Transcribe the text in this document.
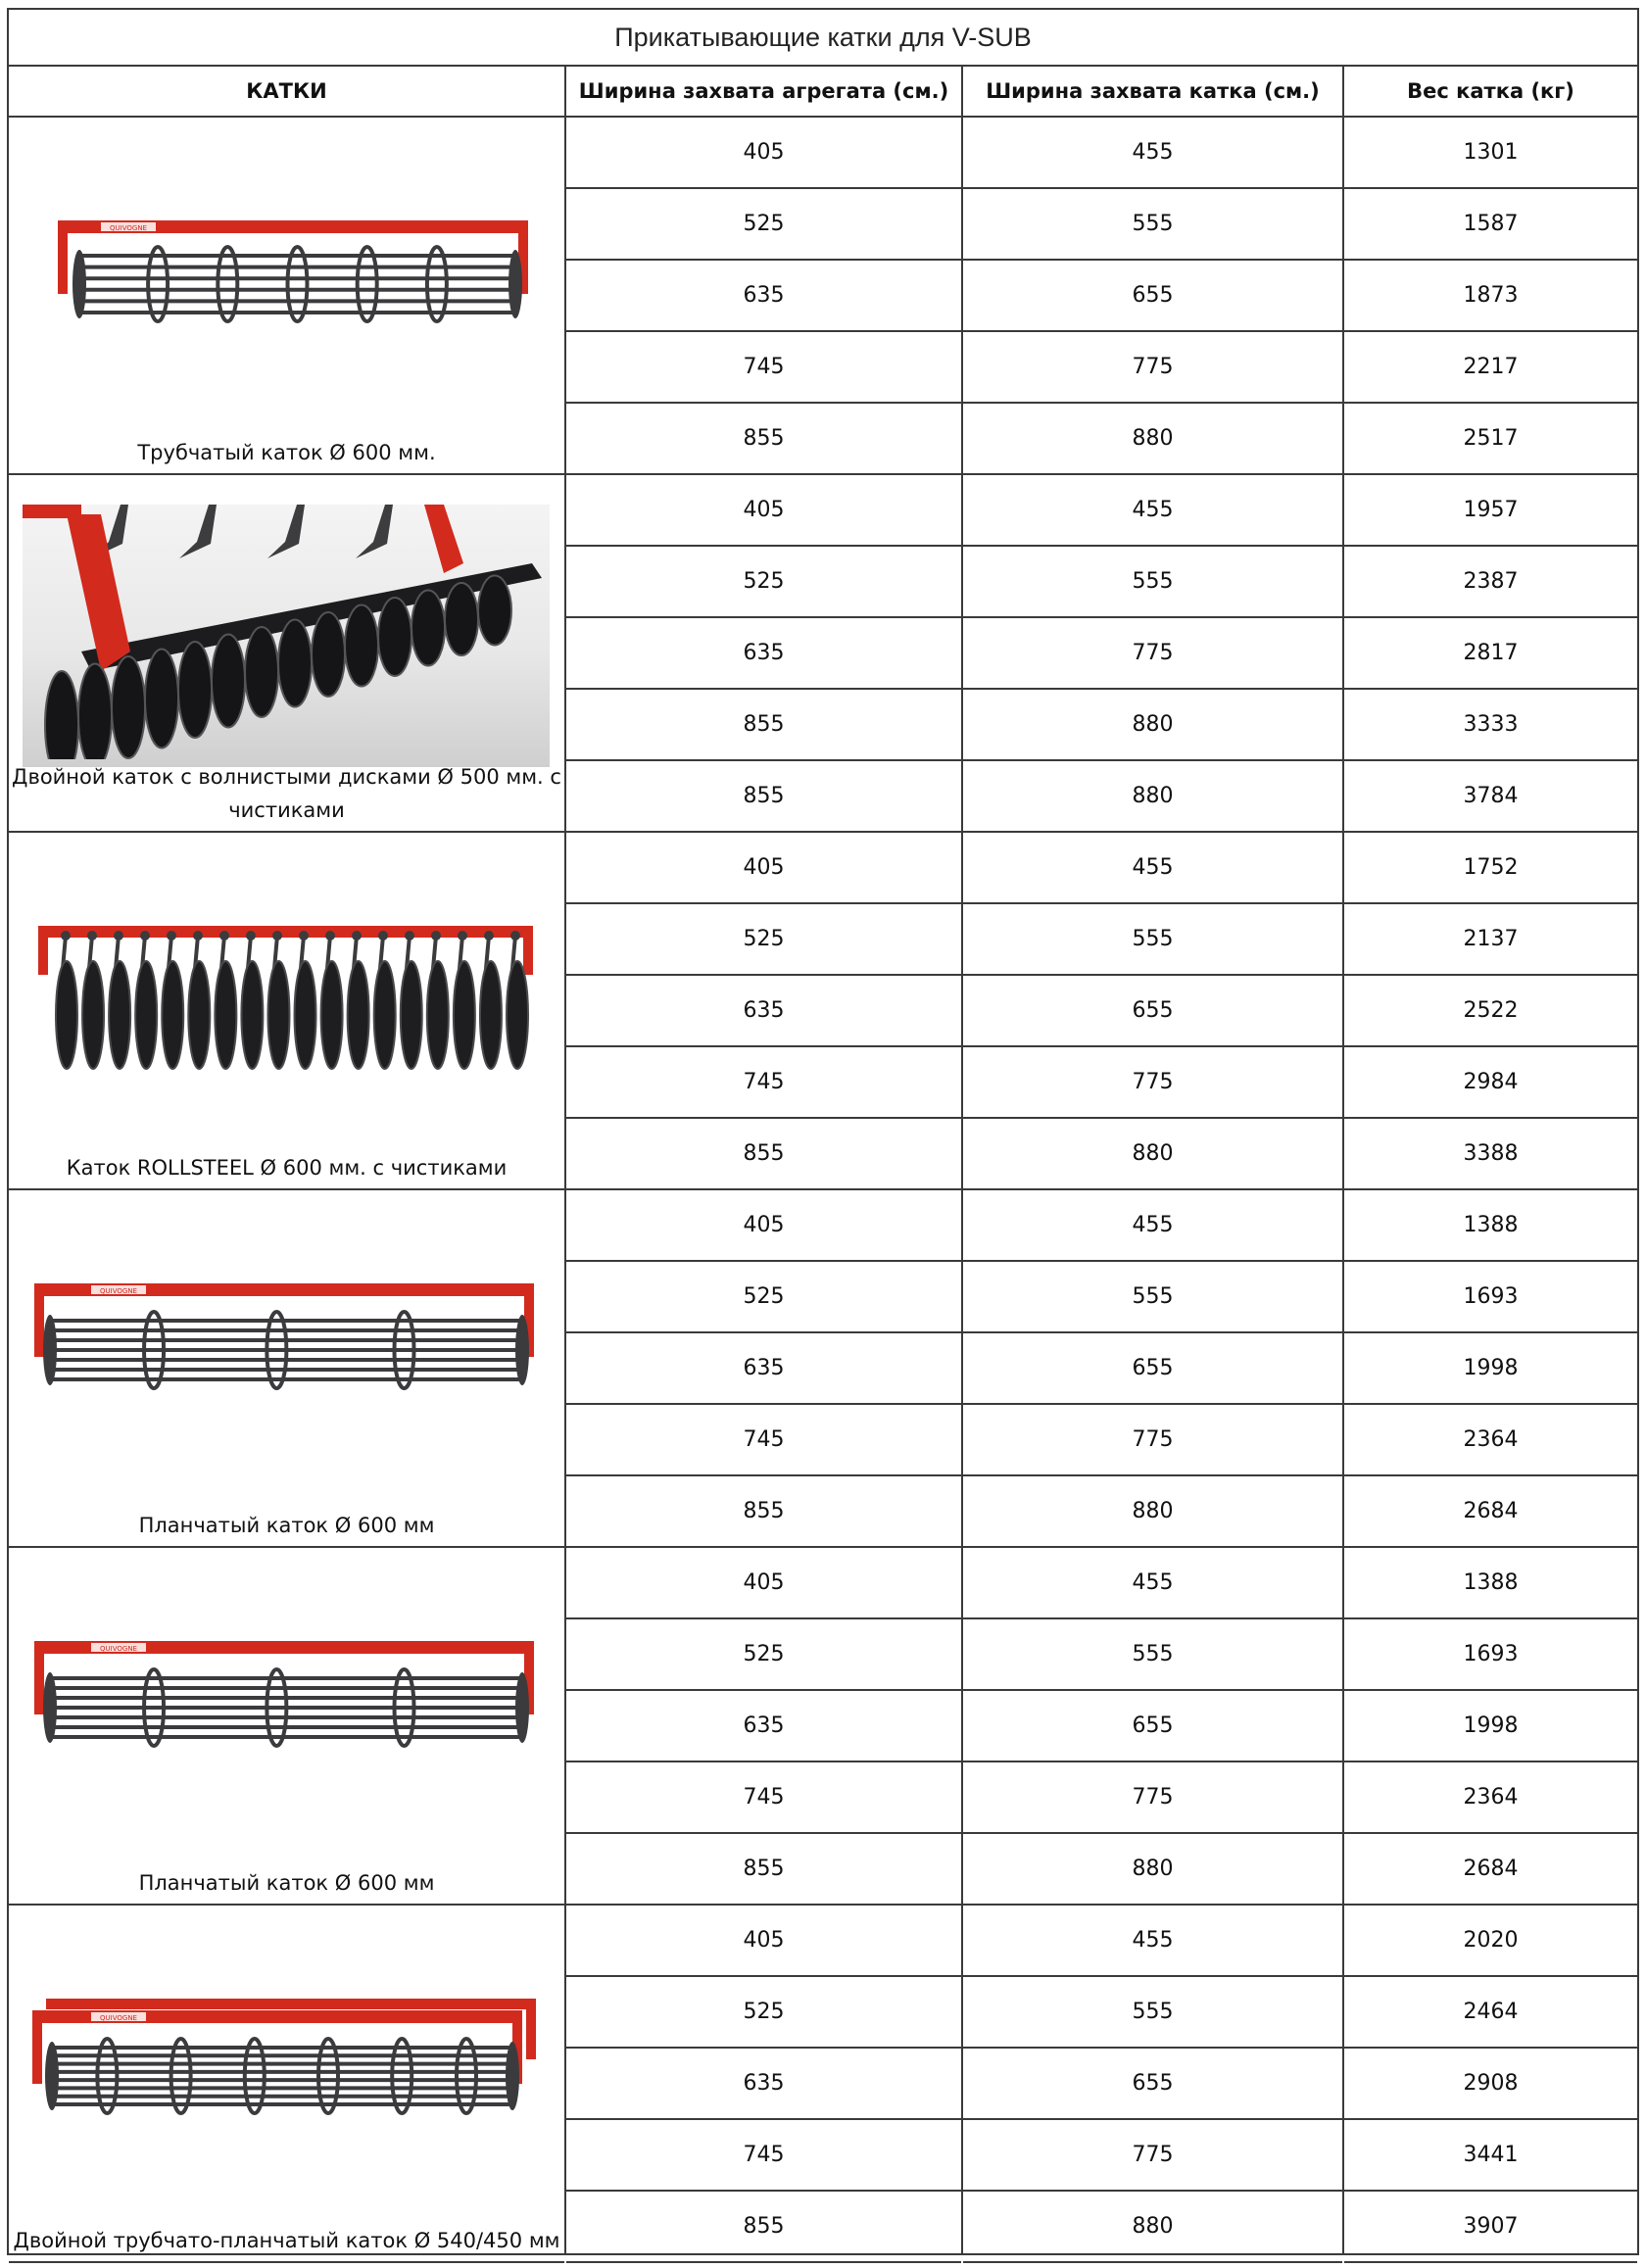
Прикатывающие катки для V-SUB
КАТКИ	Ширина захвата агрегата (см.)	Ширина захвата катка (см.)	Вес катка (кг)
QUIVOGNE
Трубчатый каток Ø 600 мм.
405	455	1301
525	555	1587
635	655	1873
745	775	2217
855	880	2517
Двойной каток с волнистыми дисками Ø 500 мм. с чистиками
405	455	1957
525	555	2387
635	775	2817
855	880	3333
855	880	3784
Каток ROLLSTEEL Ø 600 мм. с чистиками
405	455	1752
525	555	2137
635	655	2522
745	775	2984
855	880	3388
QUIVOGNE
Планчатый каток Ø 600 мм
405	455	1388
525	555	1693
635	655	1998
745	775	2364
855	880	2684
QUIVOGNE
Планчатый каток Ø 600 мм
405	455	1388
525	555	1693
635	655	1998
745	775	2364
855	880	2684
QUIVOGNE
Двойной трубчато-планчатый каток Ø 540/450 мм
405	455	2020
525	555	2464
635	655	2908
745	775	3441
855	880	3907
